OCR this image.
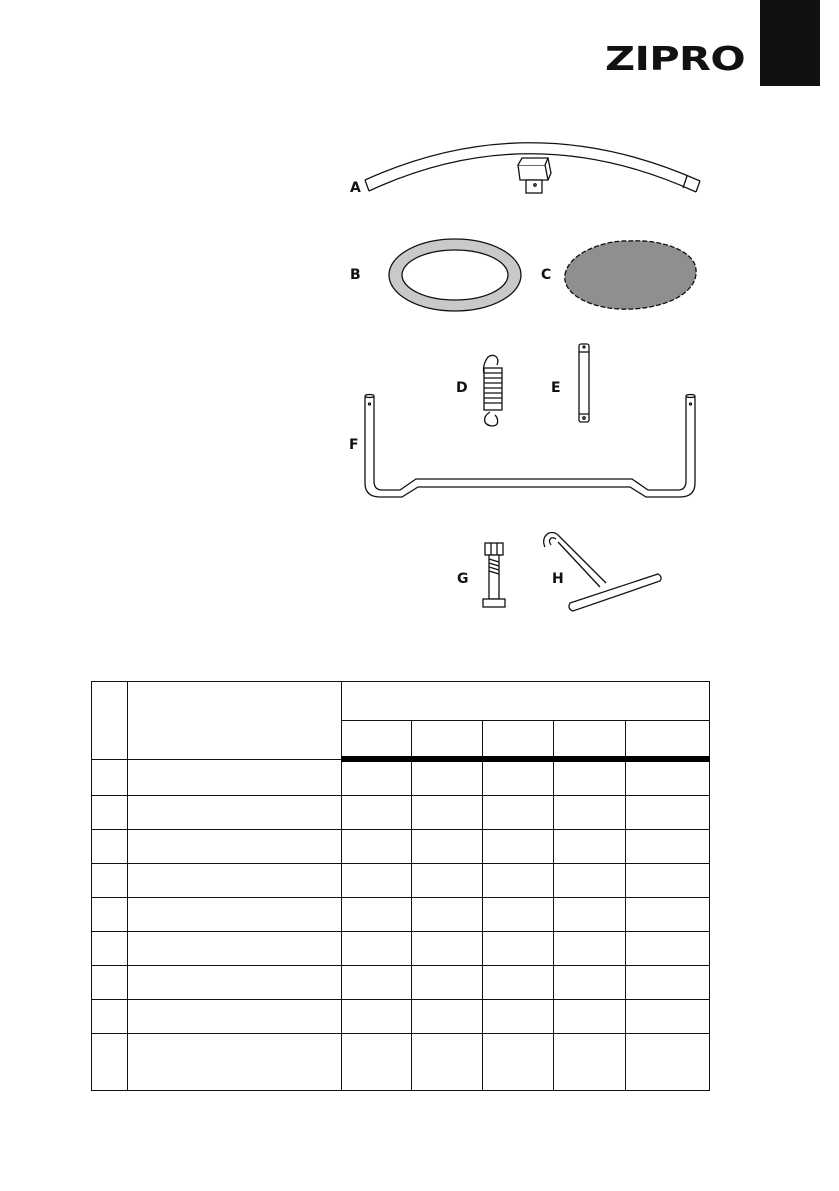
ZIPRO
A
B	C
D	E
F
G	H
